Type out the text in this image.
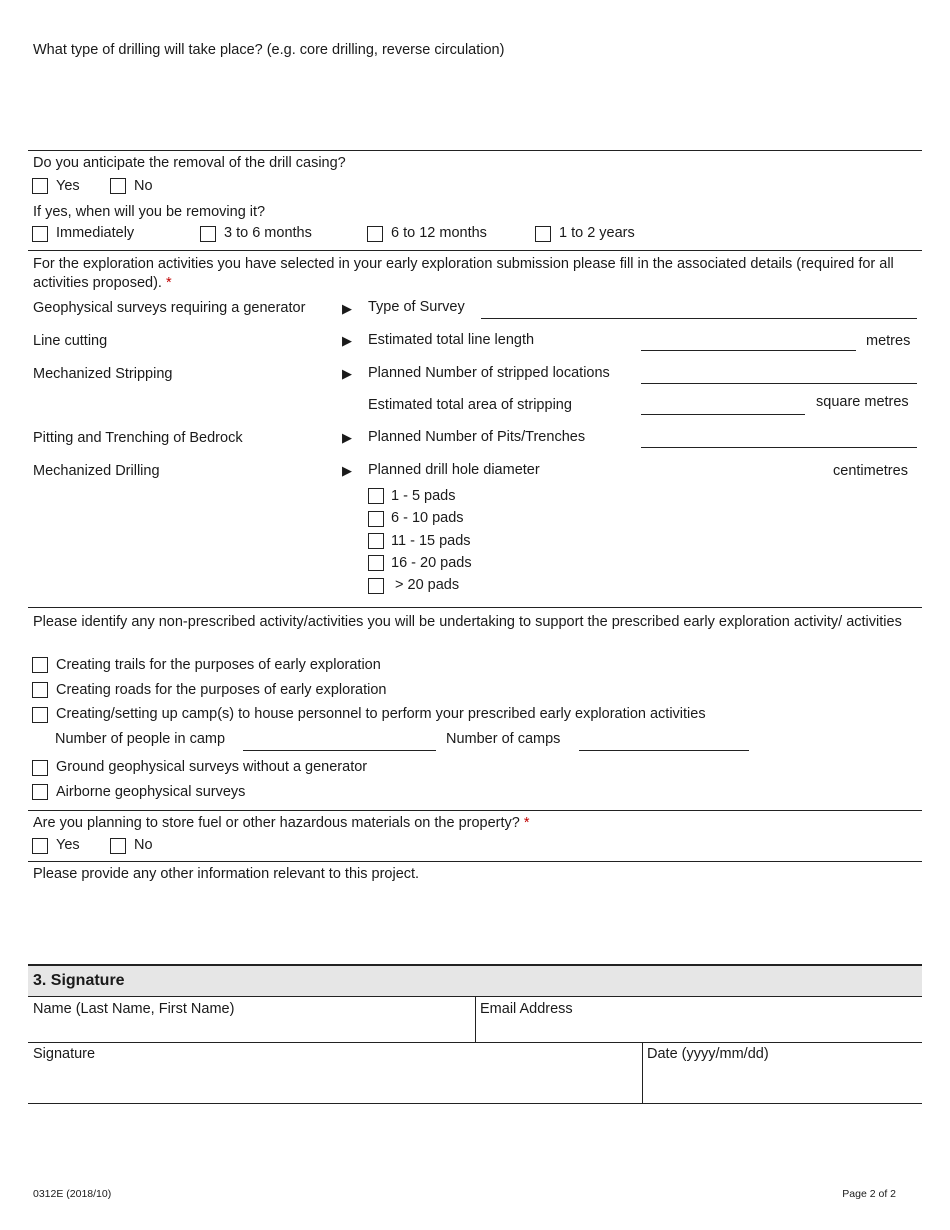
What type of drilling will take place? (e.g. core drilling, reverse circulation)
Do you anticipate the removal of the drill casing?
Yes	No
If yes, when will you be removing it?
Immediately	3 to 6 months	6 to 12 months	1 to 2 years
For the exploration activities you have selected in your early exploration submission please fill in the associated details (required for all activities proposed). *
Geophysical surveys requiring a generator	▶ Type of Survey
Line cutting	▶ Estimated total line length	metres
Mechanized Stripping	▶ Planned Number of stripped locations
Estimated total area of stripping	square metres
Pitting and Trenching of Bedrock	▶ Planned Number of Pits/Trenches
Mechanized Drilling	▶ Planned drill hole diameter	centimetres
1 - 5 pads
6 - 10 pads
11 - 15 pads
16 - 20 pads
> 20 pads
Please identify any non-prescribed activity/activities you will be undertaking to support the prescribed early exploration activity/ activities
Creating trails for the purposes of early exploration
Creating roads for the purposes of early exploration
Creating/setting up camp(s) to house personnel to perform your prescribed early exploration activities
Number of people in camp	Number of camps
Ground geophysical surveys without a generator
Airborne geophysical surveys
Are you planning to store fuel or other hazardous materials on the property? *
Yes	No
Please provide any other information relevant to this project.
3. Signature
Name (Last Name, First Name)	Email Address
Signature	Date (yyyy/mm/dd)
0312E (2018/10)	Page 2 of 2
